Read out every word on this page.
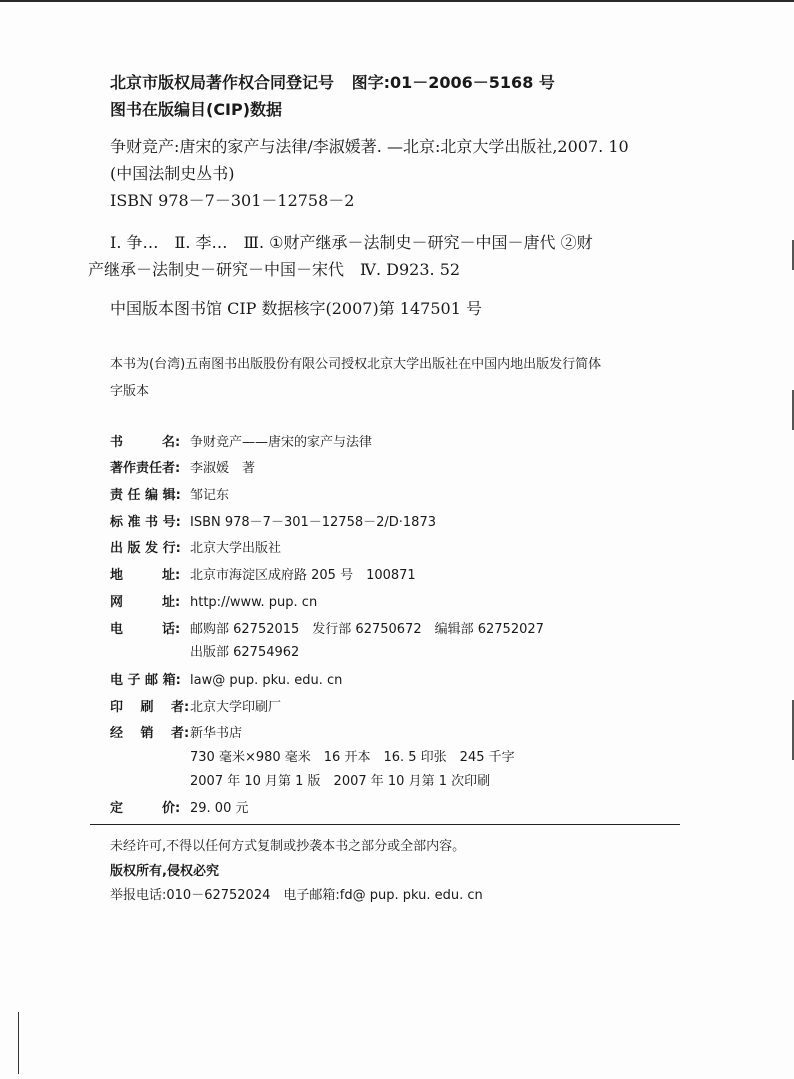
北京市版权局著作权合同登记号 图字:01－2006－5168 号
图书在版编目(CIP)数据
争财竞产:唐宋的家产与法律/李淑媛著. —北京:北京大学出版社,2007. 10
(中国法制史丛书)
ISBN 978－7－301－12758－2
Ⅰ. 争…　Ⅱ. 李…　Ⅲ. ①财产继承－法制史－研究－中国－唐代 ②财
产继承－法制史－研究－中国－宋代　Ⅳ. D923. 52
中国版本图书馆 CIP 数据核字(2007)第 147501 号
本书为(台湾)五南图书出版股份有限公司授权北京大学出版社在中国内地出版发行简体
字版本
书　　　名: 争财竞产——唐宋的家产与法律
著作责任者: 李淑媛　著
责 任 编 辑: 邹记东
标 准 书 号: ISBN 978－7－301－12758－2/D·1873
出 版 发 行: 北京大学出版社
地　　　址: 北京市海淀区成府路 205 号　100871
网　　　址: http://www. pup. cn
电　　　话: 邮购部 62752015　发行部 62750672　编辑部 62752027
出版部 62754962
电 子 邮 箱: law@ pup. pku. edu. cn
印　 刷　 者:北京大学印刷厂
经　 销　 者:新华书店
730 毫米×980 毫米　16 开本　16. 5 印张　245 千字
2007 年 10 月第 1 版　2007 年 10 月第 1 次印刷
定　　　价: 29. 00 元
未经许可,不得以任何方式复制或抄袭本书之部分或全部内容。
版权所有,侵权必究
举报电话:010－62752024　电子邮箱:fd@ pup. pku. edu. cn
